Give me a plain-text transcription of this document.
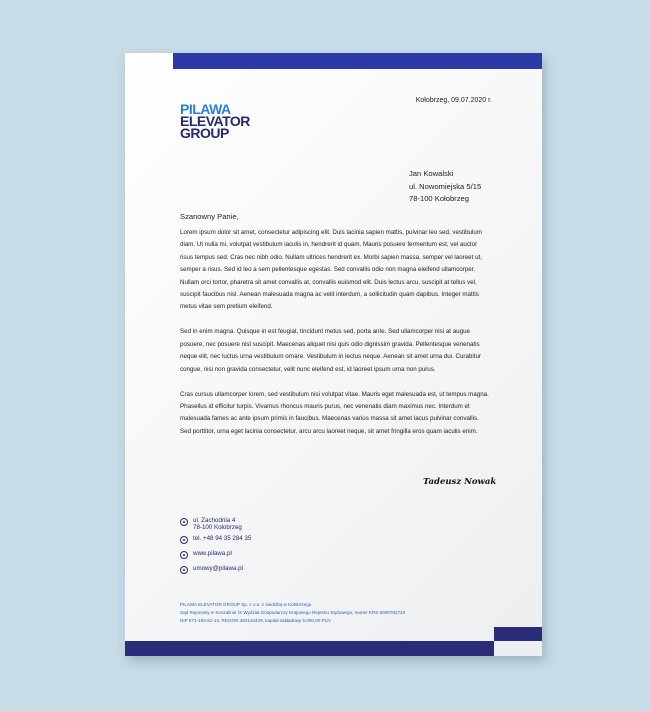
PILAWA
ELEVATOR
GROUP
Kołobrzeg, 09.07.2020 r.
Jan Kowalski
ul. Nowomiejska 5/15
78-100 Kołobrzeg
Szanowny Panie,

Lorem ipsum dolor sit amet, consectetur adipiscing elit. Duis lacinia sapien mattis, pulvinar leo sed, vestibulum diam. Ut nulla mi, volutpat vestibulum iaculis in, hendrerit id quam. Mauris posuere fermentum est, vel auctor risus tempus sed. Cras nec nibh odio. Nullam ultrices hendrerit ex. Morbi sapien massa, semper vel laoreet ut, semper a risus. Sed id leo a sem pellentesque egestas. Sed convallis odio non magna eleifend ullamcorper. Nullam orci tortor, pharetra sit amet convallis at, convallis euismod elit. Duis lectus arcu, suscipit at tellus vel, suscipit faucibus nisl. Aenean malesuada magna ac velit interdum, a sollicitudin quam dapibus. Integer mattis metus vitae sem pretium eleifend.

Sed in enim magna. Quisque in est feugiat, tincidunt metus sed, porta ante. Sed ullamcorper nisi at augue posuere, nec posuere nisl suscipit. Maecenas aliquet nisi quis odio dignissim gravida. Pellentesque venenatis neque elit, nec luctus urna vestibulum ornare. Vestibulum in lectus neque. Aenean sit amet urna dui. Curabitur congue, nisi non gravida consectetur, velit nunc eleifend est, id laoreet ipsum urna non purus.

Cras cursus ullamcorper lorem, sed vestibulum nisi volutpat vitae. Mauris eget malesuada est, ut tempus magna. Phasellus id efficitur turpis. Vivamus rhoncus mauris purus, nec venenatis diam maximus nec. Interdum et malesuada fames ac ante ipsum primis in faucibus. Maecenas varius massa sit amet lacus pulvinar convallis. Sed porttitor, urna eget lacinia consectetur, arcu arcu laoreet neque, sit amet fringilla eros quam iaculis enim.

Tadeusz Nowak
ul. Zachodnia 4
78-100 Kołobrzeg
tel. +48 94 35 284 35
www.pilawa.pl
umowy@pilawa.pl
PILAWA ELEVATOR GROUP Sp. z o.o. z siedzibą w Kołobrzegu
Sąd Rejonowy w Koszalinie IX Wydział Gospodarczy Krajowego Rejestru Sądowego, numer KRS 0000782724
NIP 671-183-81-14, REGON 383143429, kapitał zakładowy 5.000,00 PLN
